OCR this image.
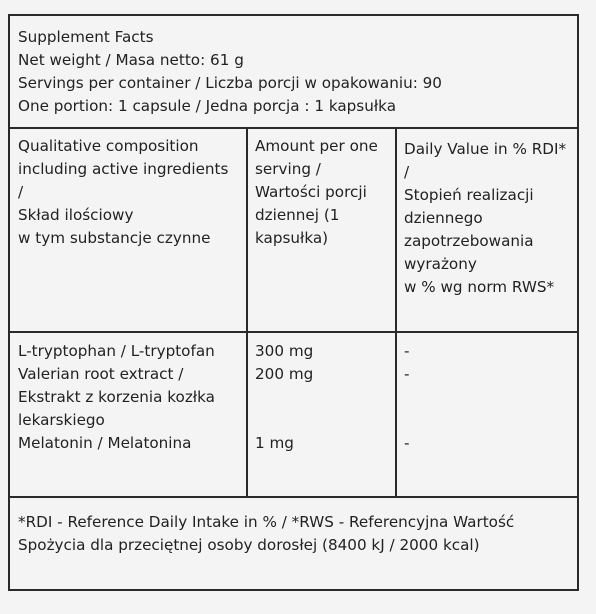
Supplement Facts
Net weight / Masa netto: 61 g
Servings per container / Liczba porcji w opakowaniu: 90
One portion: 1 capsule / Jedna porcja : 1 kapsułka
Qualitative composition
including active ingredients
/
Skład ilościowy
w tym substancje czynne
Amount per one
serving /
Wartości porcji
dziennej (1
kapsułka)
Daily Value in % RDI*
/
Stopień realizacji
dziennego
zapotrzebowania
wyrażony
w % wg norm RWS*
L-tryptophan / L-tryptofan
Valerian root extract /
Ekstrakt z korzenia kozłka
lekarskiego
Melatonin / Melatonina
300 mg
200 mg
1 mg
-
-
-
*RDI - Reference Daily Intake in % / *RWS - Referencyjna Wartość
Spożycia dla przeciętnej osoby dorosłej (8400 kJ / 2000 kcal)
